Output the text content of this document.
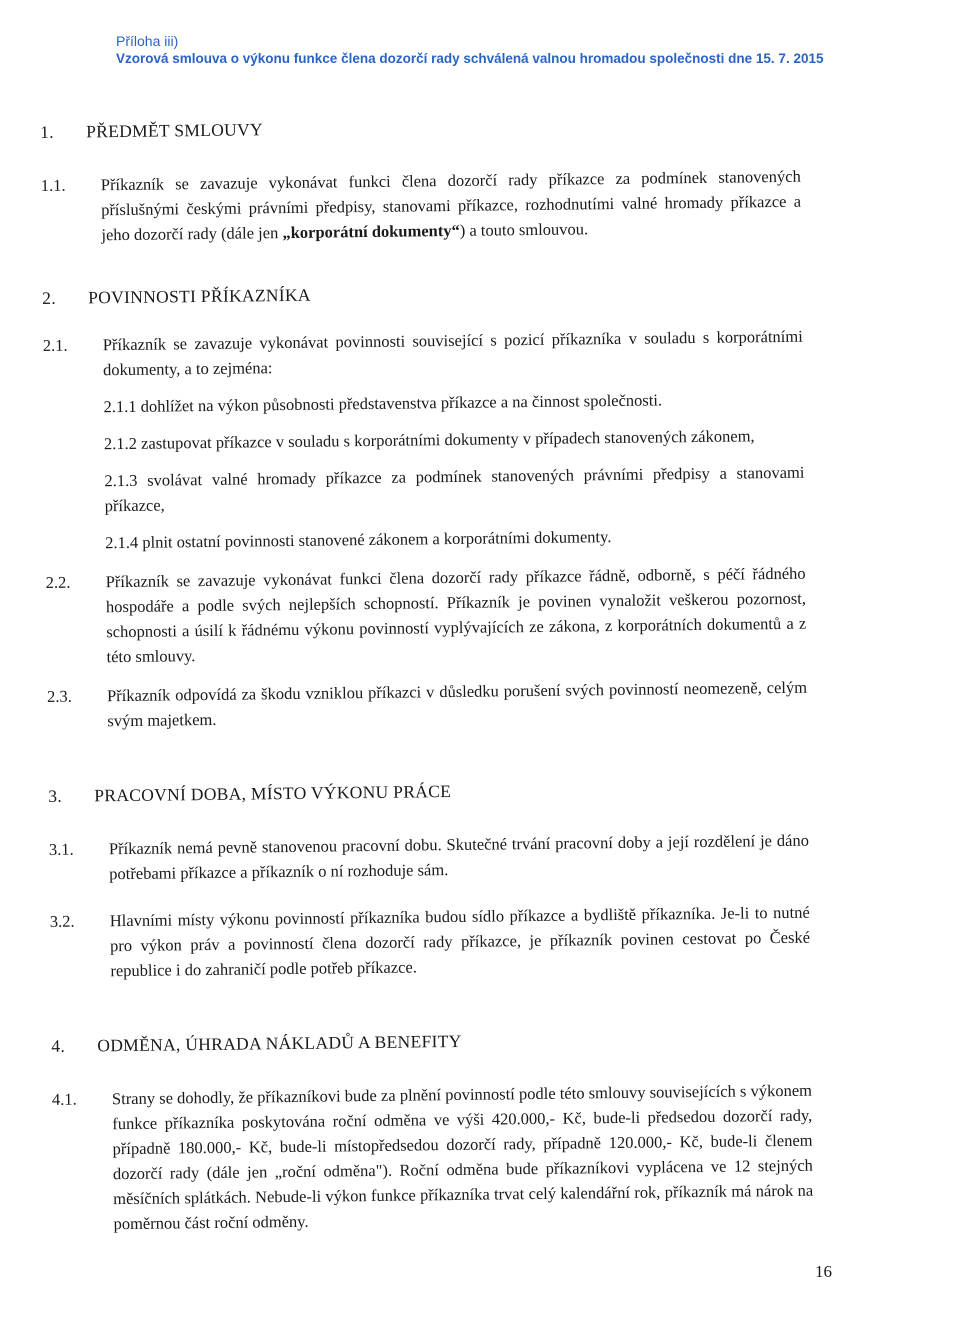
Příloha iii)
Vzorová smlouva o výkonu funkce člena dozorčí rady schválená valnou hromadou společnosti dne 15. 7. 2015
1.	PŘEDMĚT SMLOUVY
1.1.	Příkazník se zavazuje vykonávat funkci člena dozorčí rady příkazce za podmínek stanovených příslušnými českými právními předpisy, stanovami příkazce, rozhodnutími valné hromady příkazce a jeho dozorčí rady (dále jen „korporátní dokumenty“) a touto smlouvou.
2.	POVINNOSTI PŘÍKAZNÍKA
2.1.	Příkazník se zavazuje vykonávat povinnosti související s pozicí příkazníka v souladu s korporátními dokumenty, a to zejména:
2.1.1 dohlížet na výkon působnosti představenstva příkazce a na činnost společnosti.
2.1.2 zastupovat příkazce v souladu s korporátními dokumenty v případech stanovených zákonem,
2.1.3 svolávat valné hromady příkazce za podmínek stanovených právními předpisy a stanovami příkazce,
2.1.4 plnit ostatní povinnosti stanovené zákonem a korporátními dokumenty.
2.2.	Příkazník se zavazuje vykonávat funkci člena dozorčí rady příkazce řádně, odborně, s péčí řádného hospodáře a podle svých nejlepších schopností. Příkazník je povinen vynaložit veškerou pozornost, schopnosti a úsilí k řádnému výkonu povinností vyplývajících ze zákona, z korporátních dokumentů a z této smlouvy.
2.3.	Příkazník odpovídá za škodu vzniklou příkazci v důsledku porušení svých povinností neomezeně, celým svým majetkem.
3.	PRACOVNÍ DOBA, MÍSTO VÝKONU PRÁCE
3.1.	Příkazník nemá pevně stanovenou pracovní dobu. Skutečné trvání pracovní doby a její rozdělení je dáno potřebami příkazce a příkazník o ní rozhoduje sám.
3.2.	Hlavními místy výkonu povinností příkazníka budou sídlo příkazce a bydliště příkazníka. Je-li to nutné pro výkon práv a povinností člena dozorčí rady příkazce, je příkazník povinen cestovat po České republice i do zahraničí podle potřeb příkazce.
4.	ODMĚNA, ÚHRADA NÁKLADŮ A BENEFITY
4.1.	Strany se dohodly, že příkazníkovi bude za plnění povinností podle této smlouvy souvisejících s výkonem funkce příkazníka poskytována roční odměna ve výši 420.000,- Kč, bude-li předsedou dozorčí rady, případně 180.000,- Kč, bude-li místopředsedou dozorčí rady, případně 120.000,- Kč, bude-li členem dozorčí rady (dále jen „roční odměna"). Roční odměna bude příkazníkovi vyplácena ve 12 stejných měsíčních splátkách. Nebude-li výkon funkce příkazníka trvat celý kalendářní rok, příkazník má nárok na poměrnou část roční odměny.
16
